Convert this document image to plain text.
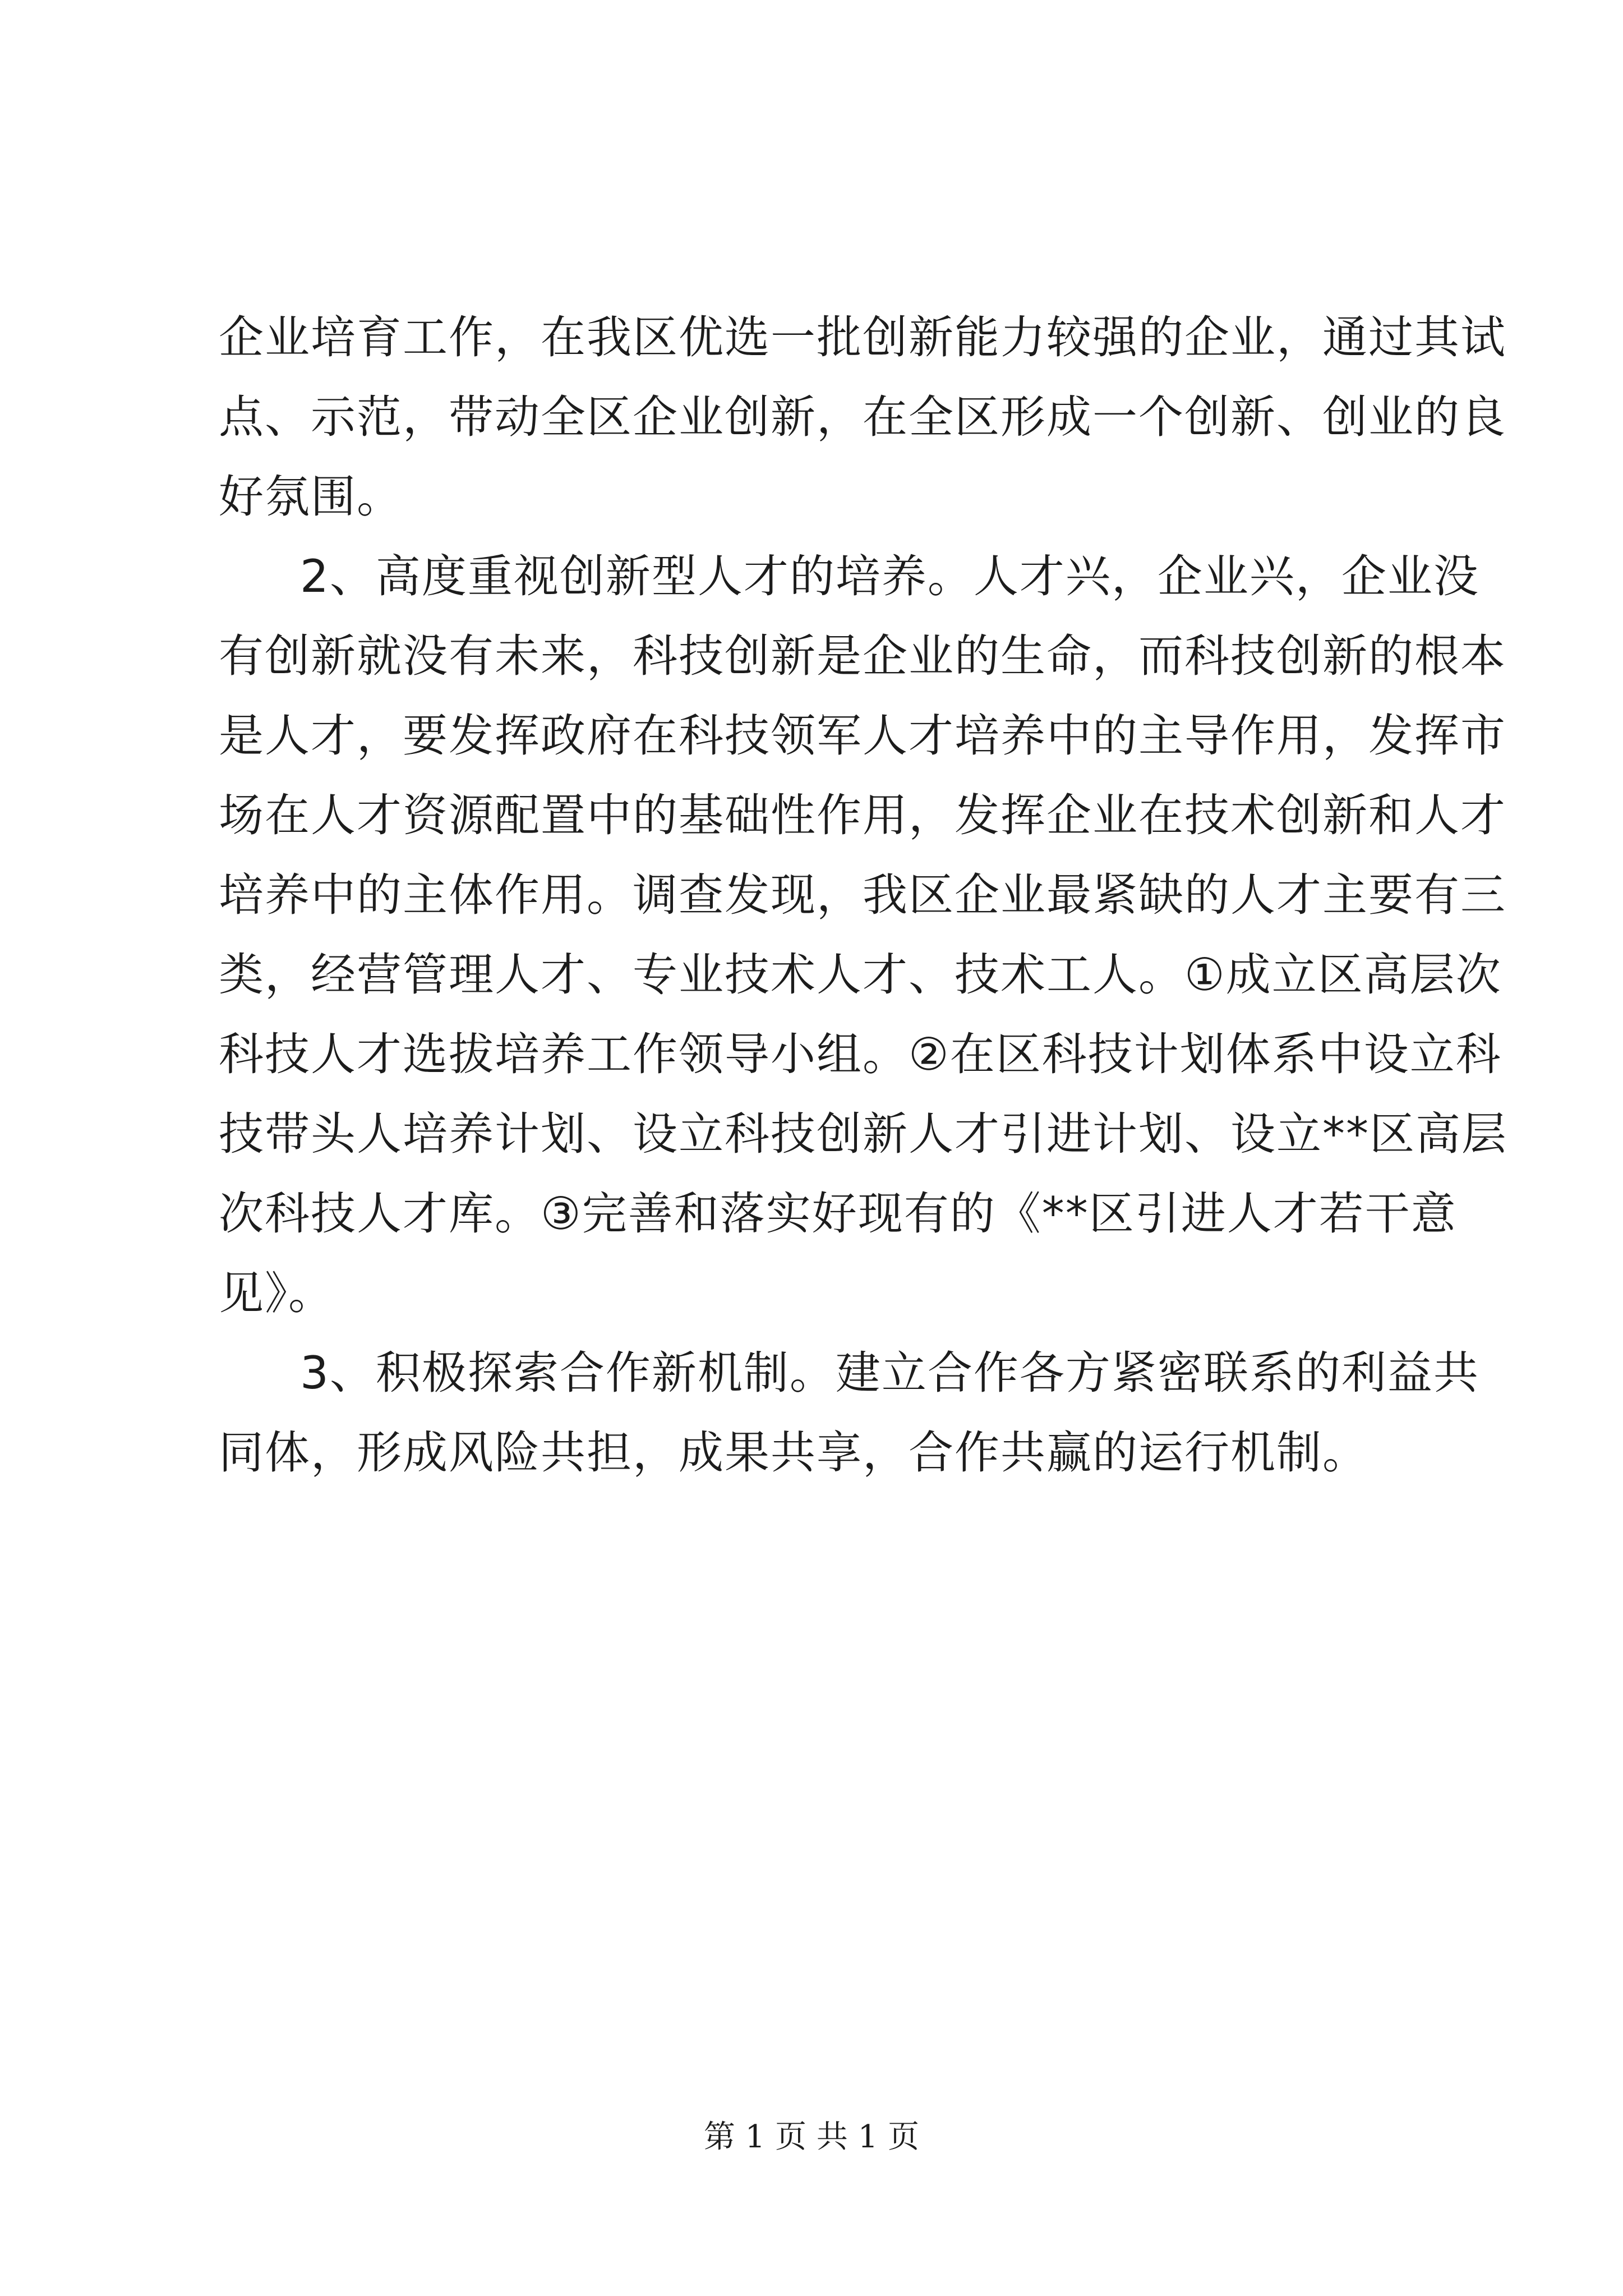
企业培育工作，在我区优选一批创新能力较强的企业，通过其试
点、示范，带动全区企业创新，在全区形成一个创新、创业的良
好氛围。
2、高度重视创新型人才的培养。人才兴，企业兴，企业没
有创新就没有未来，科技创新是企业的生命，而科技创新的根本
是人才，要发挥政府在科技领军人才培养中的主导作用，发挥市
场在人才资源配置中的基础性作用，发挥企业在技术创新和人才
培养中的主体作用。调查发现，我区企业最紧缺的人才主要有三
类，经营管理人才、专业技术人才、技术工人。①成立区高层次
科技人才选拔培养工作领导小组。②在区科技计划体系中设立科
技带头人培养计划、设立科技创新人才引进计划、设立**区高层
次科技人才库。③完善和落实好现有的《**区引进人才若干意
见》。
3、积极探索合作新机制。建立合作各方紧密联系的利益共
同体，形成风险共担，成果共享，合作共赢的运行机制。
第 1 页 共 1 页
